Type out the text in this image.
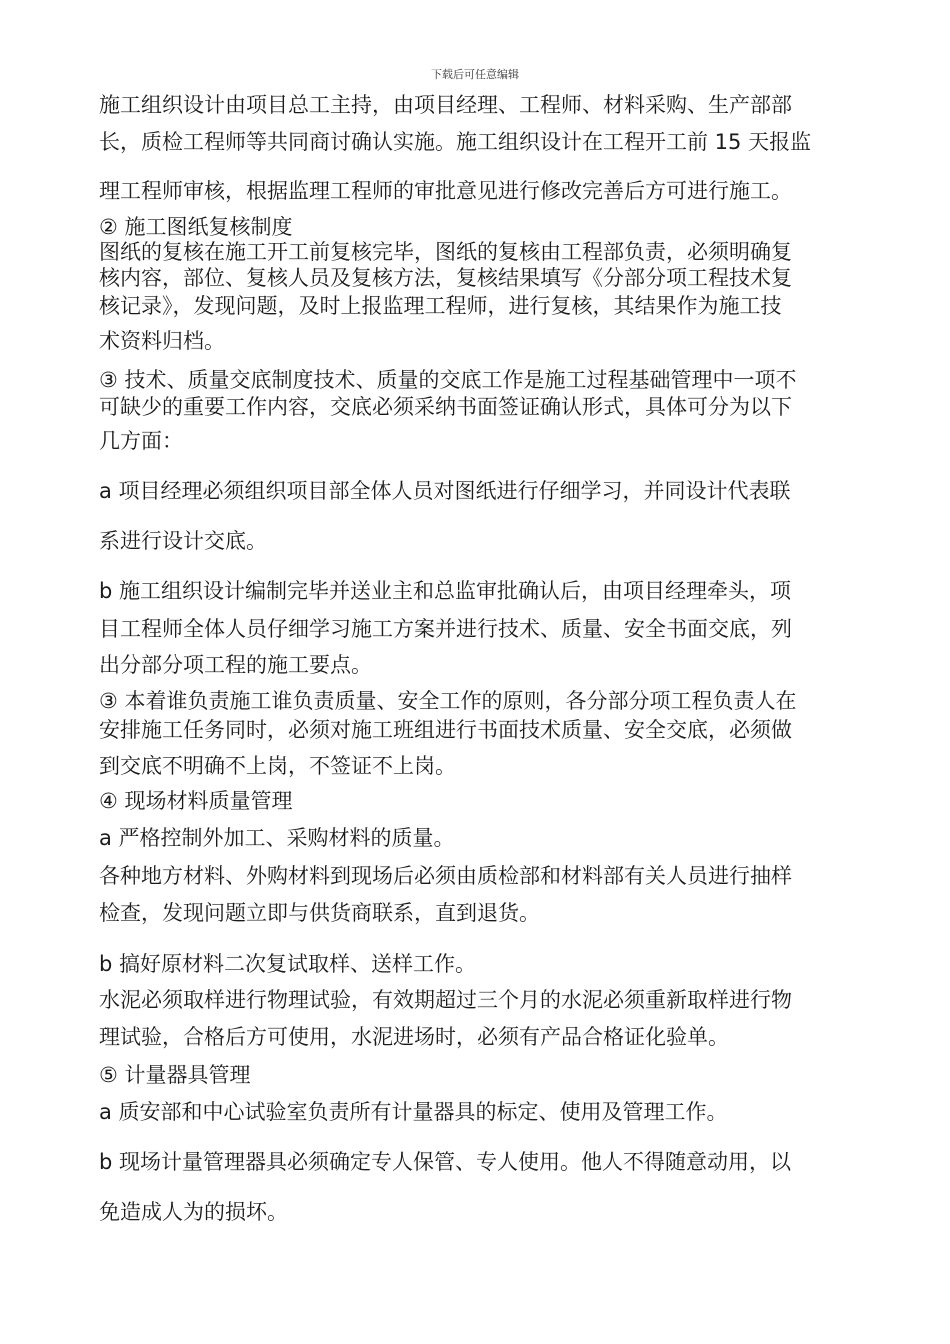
下载后可任意编辑
施工组织设计由项目总工主持，由项目经理、工程师、材料采购、生产部部
长，质检工程师等共同商讨确认实施。施工组织设计在工程开工前 15 天报监
理工程师审核，根据监理工程师的审批意见进行修改完善后方可进行施工。
② 施工图纸复核制度
图纸的复核在施工开工前复核完毕，图纸的复核由工程部负责，必须明确复
核内容，部位、复核人员及复核方法，复核结果填写《分部分项工程技术复
核记录》，发现问题，及时上报监理工程师，进行复核，其结果作为施工技
术资料归档。
③ 技术、质量交底制度技术、质量的交底工作是施工过程基础管理中一项不
可缺少的重要工作内容，交底必须采纳书面签证确认形式，具体可分为以下
几方面：
a 项目经理必须组织项目部全体人员对图纸进行仔细学习，并同设计代表联
系进行设计交底。
b 施工组织设计编制完毕并送业主和总监审批确认后，由项目经理牵头，项
目工程师全体人员仔细学习施工方案并进行技术、质量、安全书面交底，列
出分部分项工程的施工要点。
③ 本着谁负责施工谁负责质量、安全工作的原则，各分部分项工程负责人在
安排施工任务同时，必须对施工班组进行书面技术质量、安全交底，必须做
到交底不明确不上岗，不签证不上岗。
④ 现场材料质量管理
a 严格控制外加工、采购材料的质量。
各种地方材料、外购材料到现场后必须由质检部和材料部有关人员进行抽样
检查，发现问题立即与供货商联系，直到退货。
b 搞好原材料二次复试取样、送样工作。
水泥必须取样进行物理试验，有效期超过三个月的水泥必须重新取样进行物
理试验，合格后方可使用，水泥进场时，必须有产品合格证化验单。
⑤ 计量器具管理
a 质安部和中心试验室负责所有计量器具的标定、使用及管理工作。
b 现场计量管理器具必须确定专人保管、专人使用。他人不得随意动用，以
免造成人为的损坏。
